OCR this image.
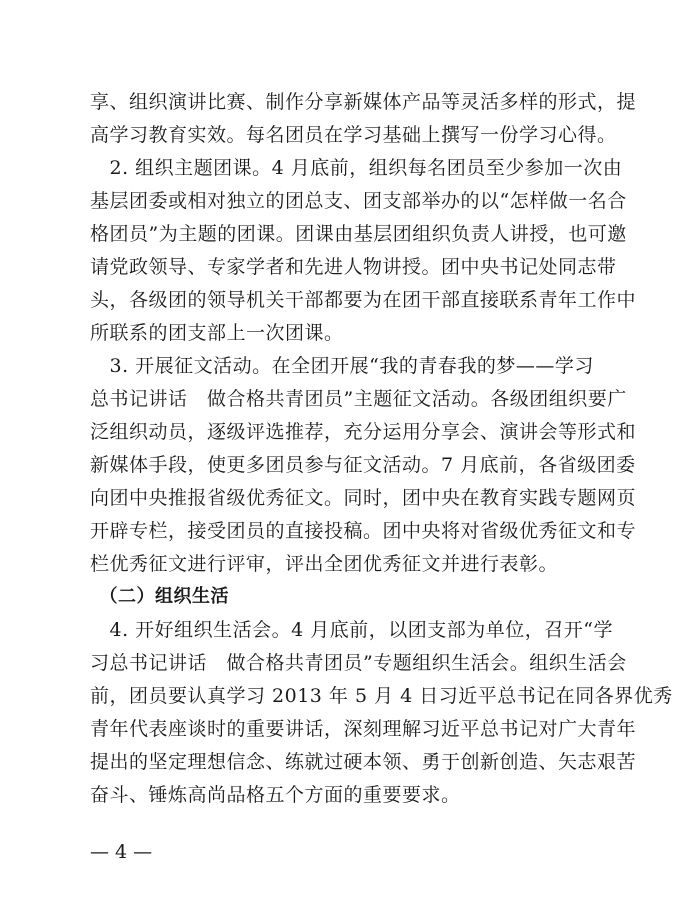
享、组织演讲比赛、制作分享新媒体产品等灵活多样的形式，提
高学习教育实效。每名团员在学习基础上撰写一份学习心得。
　2. 组织主题团课。4 月底前，组织每名团员至少参加一次由
基层团委或相对独立的团总支、团支部举办的以“怎样做一名合
格团员”为主题的团课。团课由基层团组织负责人讲授，也可邀
请党政领导、专家学者和先进人物讲授。团中央书记处同志带
头，各级团的领导机关干部都要为在团干部直接联系青年工作中
所联系的团支部上一次团课。
　3. 开展征文活动。在全团开展“我的青春我的梦——学习
总书记讲话　做合格共青团员”主题征文活动。各级团组织要广
泛组织动员，逐级评选推荐，充分运用分享会、演讲会等形式和
新媒体手段，使更多团员参与征文活动。7 月底前，各省级团委
向团中央推报省级优秀征文。同时，团中央在教育实践专题网页
开辟专栏，接受团员的直接投稿。团中央将对省级优秀征文和专
栏优秀征文进行评审，评出全团优秀征文并进行表彰。
　（二）组织生活
　4. 开好组织生活会。4 月底前，以团支部为单位，召开“学
习总书记讲话　做合格共青团员”专题组织生活会。组织生活会
前，团员要认真学习 2013 年 5 月 4 日习近平总书记在同各界优秀
青年代表座谈时的重要讲话，深刻理解习近平总书记对广大青年
提出的坚定理想信念、练就过硬本领、勇于创新创造、矢志艰苦
奋斗、锤炼高尚品格五个方面的重要要求。
— 4 —
